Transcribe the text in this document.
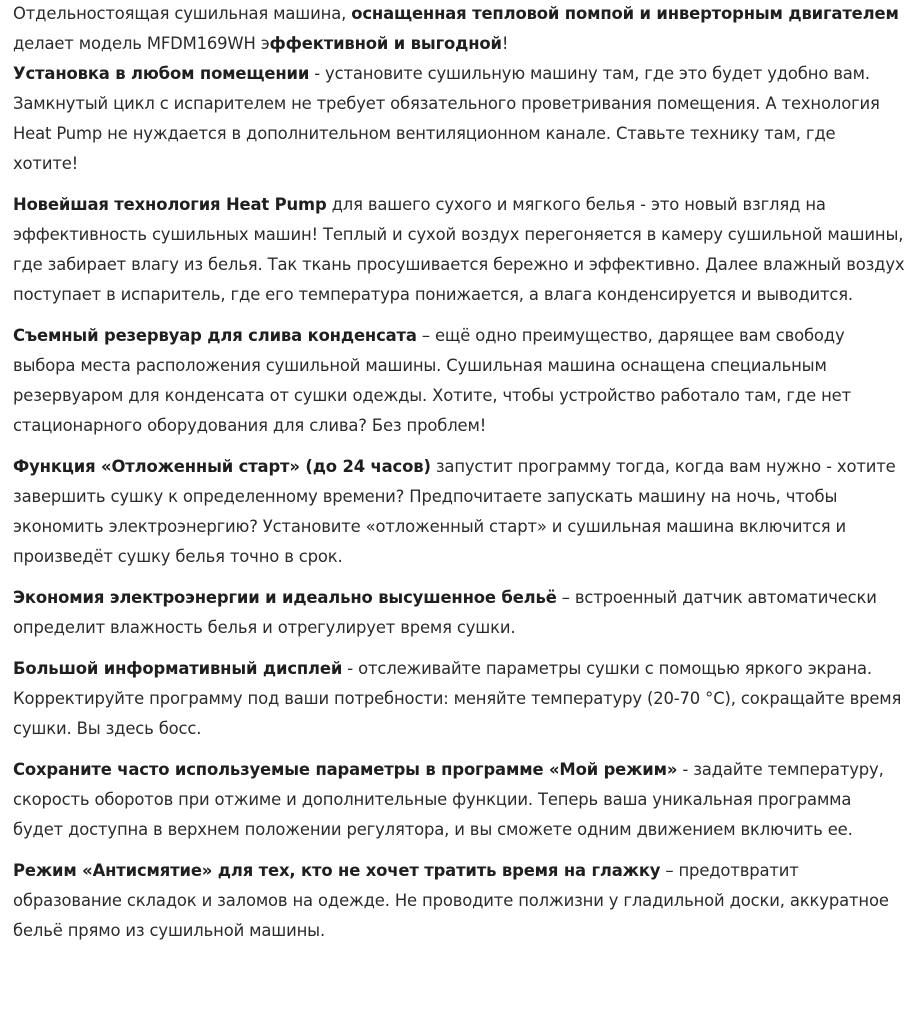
Отдельностоящая сушильная машина, оснащенная тепловой помпой и инверторным двигателем делает модель MFDM169WH эффективной и выгодной!
Установка в любом помещении - установите сушильную машину там, где это будет удобно вам. Замкнутый цикл с испарителем не требует обязательного проветривания помещения. А технология Heat Pump не нуждается в дополнительном вентиляционном канале. Ставьте технику там, где хотите!
Новейшая технология Heat Pump для вашего сухого и мягкого белья - это новый взгляд на эффективность сушильных машин! Теплый и сухой воздух перегоняется в камеру сушильной машины, где забирает влагу из белья. Так ткань просушивается бережно и эффективно. Далее влажный воздух поступает в испаритель, где его температура понижается, а влага конденсируется и выводится.
Съемный резервуар для слива конденсата – ещё одно преимущество, дарящее вам свободу выбора места расположения сушильной машины. Сушильная машина оснащена специальным резервуаром для конденсата от сушки одежды. Хотите, чтобы устройство работало там, где нет стационарного оборудования для слива? Без проблем!
Функция «Отложенный старт» (до 24 часов) запустит программу тогда, когда вам нужно - хотите завершить сушку к определенному времени? Предпочитаете запускать машину на ночь, чтобы экономить электроэнергию? Установите «отложенный старт» и сушильная машина включится и произведёт сушку белья точно в срок.
Экономия электроэнергии и идеально высушенное бельё – встроенный датчик автоматически определит влажность белья и отрегулирует время сушки.
Большой информативный дисплей - отслеживайте параметры сушки с помощью яркого экрана. Корректируйте программу под ваши потребности: меняйте температуру (20-70 °С), сокращайте время сушки. Вы здесь босс.
Сохраните часто используемые параметры в программе «Мой режим» - задайте температуру, скорость оборотов при отжиме и дополнительные функции. Теперь ваша уникальная программа будет доступна в верхнем положении регулятора, и вы сможете одним движением включить ее.
Режим «Антисмятие» для тех, кто не хочет тратить время на глажку – предотвратит образование складок и заломов на одежде. Не проводите полжизни у гладильной доски, аккуратное бельё прямо из сушильной машины.
